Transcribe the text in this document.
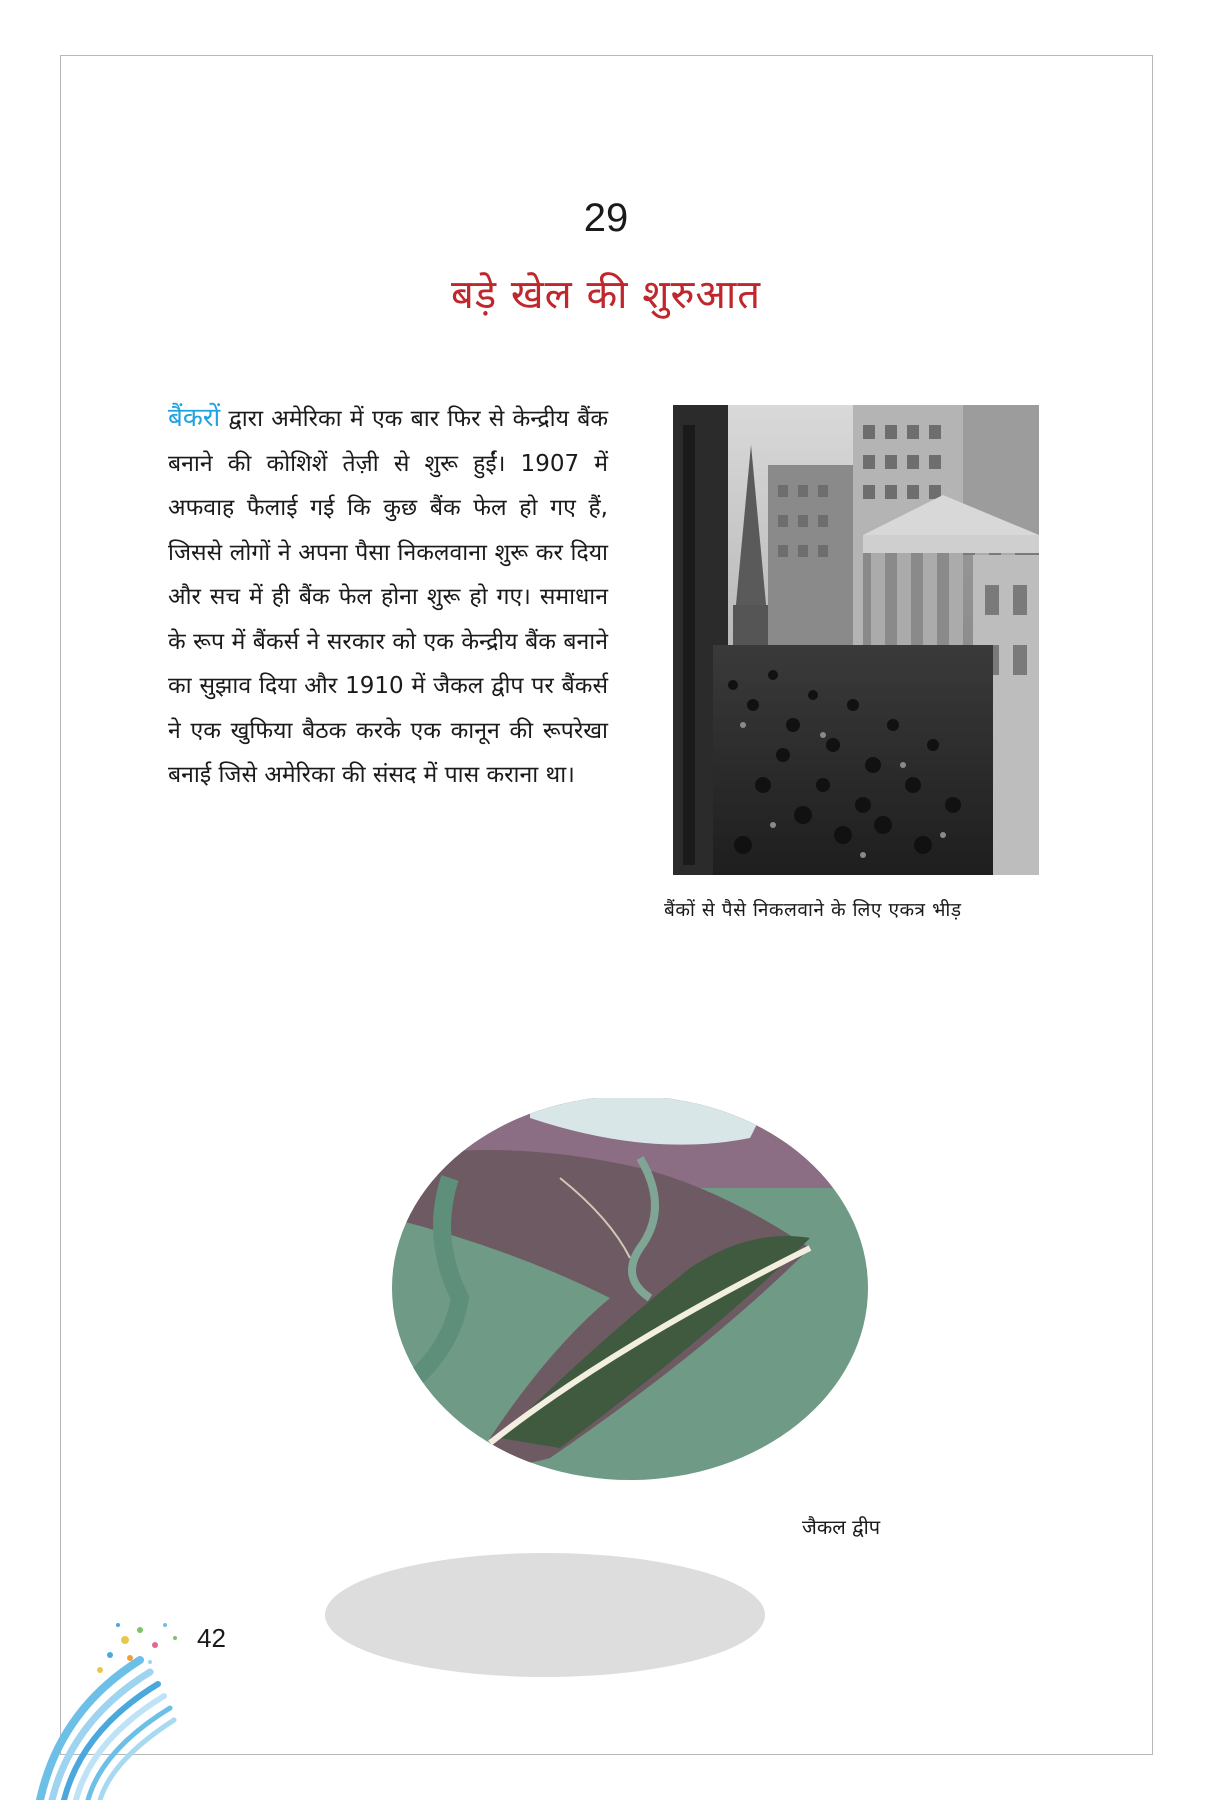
29
बड़े खेल की शुरुआत
बैंकरों द्वारा अमेरिका में एक बार फिर से केन्द्रीय बैंक बनाने की कोशिशें तेज़ी से शुरू हुईं। 1907 में अफवाह फैलाई गई कि कुछ बैंक फेल हो गए हैं, जिससे लोगों ने अपना पैसा निकलवाना शुरू कर दिया और सच में ही बैंक फेल होना शुरू हो गए। समाधान के रूप में बैंकर्स ने सरकार को एक केन्द्रीय बैंक बनाने का सुझाव दिया और 1910 में जैकल द्वीप पर बैंकर्स ने एक खुफिया बैठक करके एक कानून की रूपरेखा बनाई जिसे अमेरिका की संसद में पास कराना था।
बैंकों से पैसे निकलवाने के लिए एकत्र भीड़
जैकल द्वीप
42
